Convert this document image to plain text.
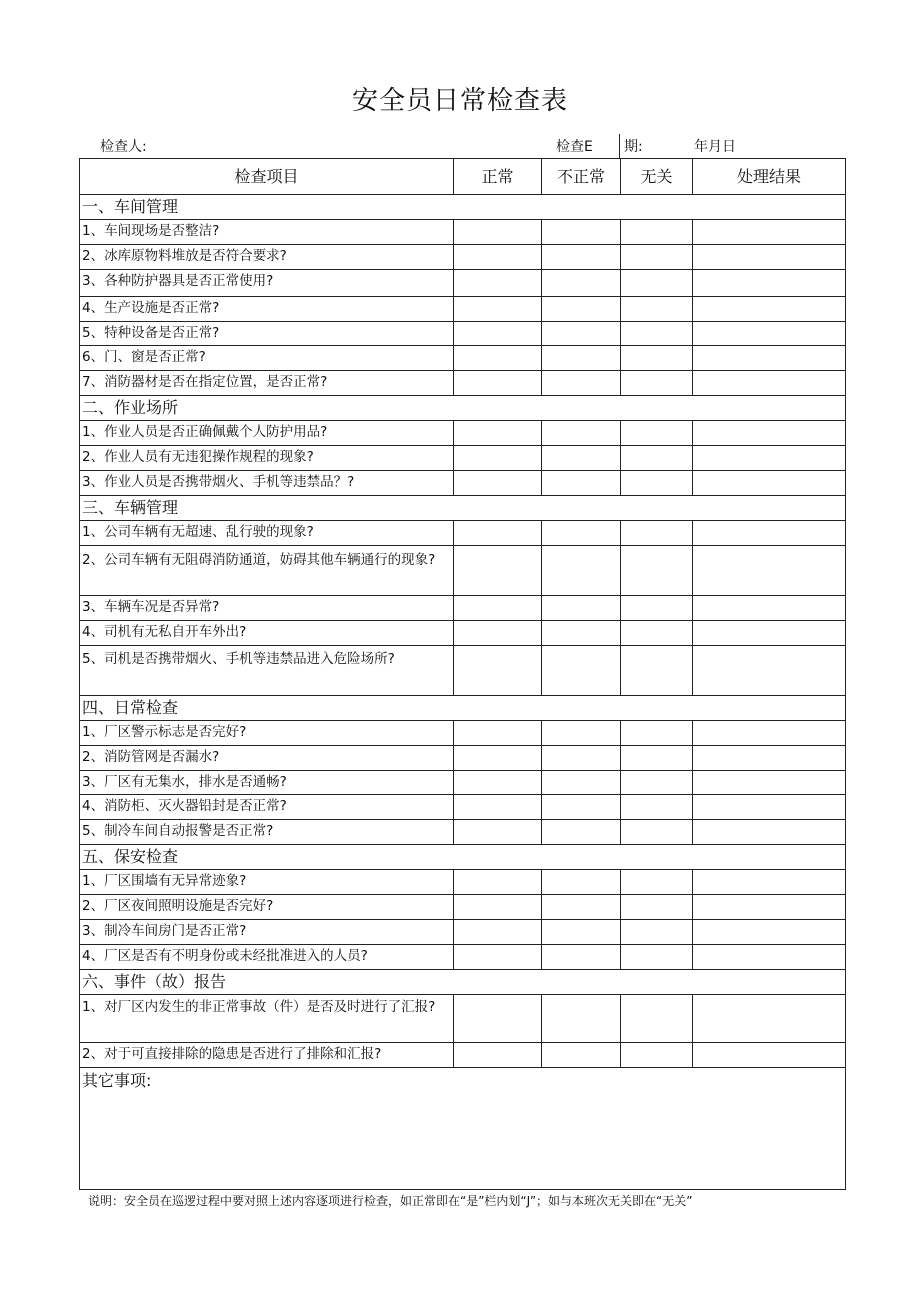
安全员日常检查表
检查人:	检查E 期:	年月日
检查项目	正常	不正常	无关	处理结果
一、车间管理				
1、车间现场是否整洁?				
2、冰库原物料堆放是否符合要求?				
3、各种防护器具是否正常使用?				
4、生产设施是否正常?				
5、特种设备是否正常?				
6、门、窗是否正常?				
7、消防器材是否在指定位置，是否正常?				
二、作业场所				
1、作业人员是否正确佩戴个人防护用品?				
2、作业人员有无违犯操作规程的现象?				
3、作业人员是否携带烟火、手机等违禁品？?				
三、车辆管理				
1、公司车辆有无超速、乱行驶的现象?				
2、公司车辆有无阻碍消防通道，妨碍其他车辆通行的现象?				
3、车辆车况是否异常?				
4、司机有无私自开车外出?				
5、司机是否携带烟火、手机等违禁品进入危险场所?				
四、日常检查				
1、厂区警示标志是否完好?				
2、消防管网是否漏水?				
3、厂区有无集水，排水是否通畅?				
4、消防柜、灭火器铅封是否正常?				
5、制冷车间自动报警是否正常?				
五、保安检查				
1、厂区围墙有无异常迹象?				
2、厂区夜间照明设施是否完好?				
3、制冷车间房门是否正常?				
4、厂区是否有不明身份或未经批准进入的人员?				
六、事件（故）报告				
1、对厂区内发生的非正常事故（件）是否及时进行了汇报?				
2、对于可直接排除的隐患是否进行了排除和汇报?				
其它事项:				
说明：安全员在巡逻过程中要对照上述内容逐项进行检查，如正常即在“是”栏内划“J”；如与本班次无关即在“无关”
